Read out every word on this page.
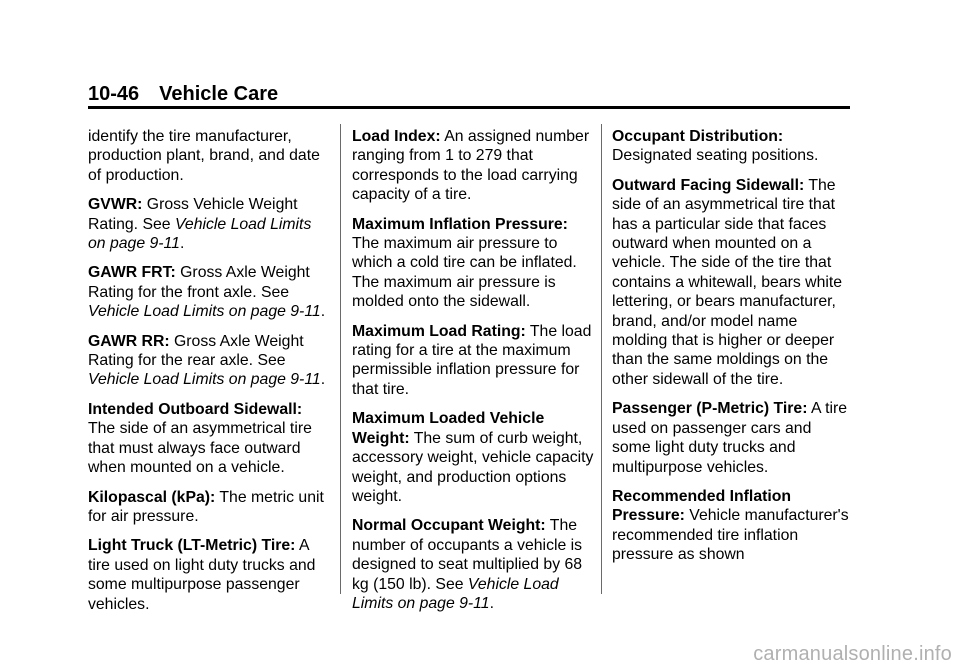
10-46 Vehicle Care

identify the tire manufacturer, production plant, brand, and date of production.

GVWR: Gross Vehicle Weight Rating. See Vehicle Load Limits on page 9-11.

GAWR FRT: Gross Axle Weight Rating for the front axle. See Vehicle Load Limits on page 9-11.

GAWR RR: Gross Axle Weight Rating for the rear axle. See Vehicle Load Limits on page 9-11.

Intended Outboard Sidewall: The side of an asymmetrical tire that must always face outward when mounted on a vehicle.

Kilopascal (kPa): The metric unit for air pressure.

Light Truck (LT-Metric) Tire: A tire used on light duty trucks and some multipurpose passenger vehicles.

Load Index: An assigned number ranging from 1 to 279 that corresponds to the load carrying capacity of a tire.

Maximum Inflation Pressure: The maximum air pressure to which a cold tire can be inflated. The maximum air pressure is molded onto the sidewall.

Maximum Load Rating: The load rating for a tire at the maximum permissible inflation pressure for that tire.

Maximum Loaded Vehicle Weight: The sum of curb weight, accessory weight, vehicle capacity weight, and production options weight.

Normal Occupant Weight: The number of occupants a vehicle is designed to seat multiplied by 68 kg (150 lb). See Vehicle Load Limits on page 9-11.

Occupant Distribution: Designated seating positions.

Outward Facing Sidewall: The side of an asymmetrical tire that has a particular side that faces outward when mounted on a vehicle. The side of the tire that contains a whitewall, bears white lettering, or bears manufacturer, brand, and/or model name molding that is higher or deeper than the same moldings on the other sidewall of the tire.

Passenger (P-Metric) Tire: A tire used on passenger cars and some light duty trucks and multipurpose vehicles.

Recommended Inflation Pressure: Vehicle manufacturer's recommended tire inflation pressure as shown

carmanualsonline.info
